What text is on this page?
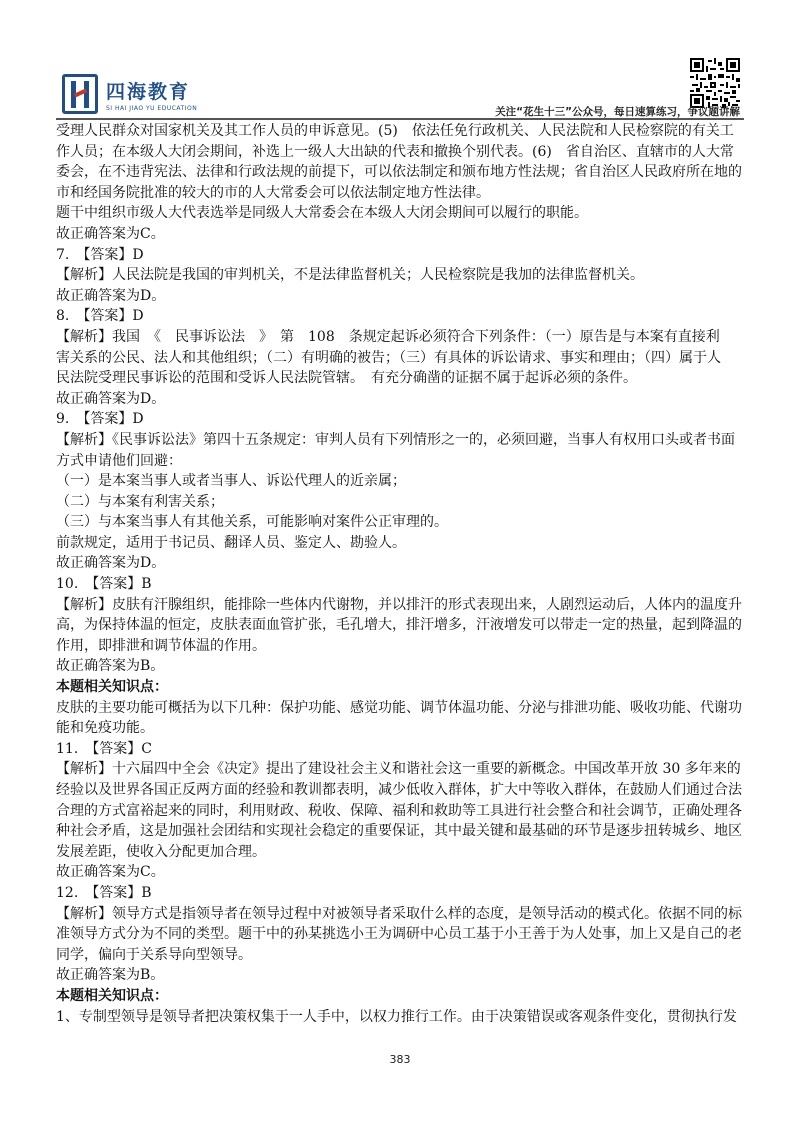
四海教育
SI HAI JIAO YU EDUCATION	关注“花生十三”公众号，每日速算练习，争议题讲解

受理人民群众对国家机关及其工作人员的申诉意见。(5)　依法任免行政机关、人民法院和人民检察院的有关工

作人员；在本级人大闭会期间，补选上一级人大出缺的代表和撤换个别代表。(6)　省自治区、直辖市的人大常

委会，在不违背宪法、法律和行政法规的前提下，可以依法制定和颁布地方性法规；省自治区人民政府所在地的

市和经国务院批准的较大的市的人大常委会可以依法制定地方性法律。

题干中组织市级人大代表选举是同级人大常委会在本级人大闭会期间可以履行的职能。

故正确答案为C。

7.　【答案】D

【解析】人民法院是我国的审判机关，不是法律监督机关；人民检察院是我加的法律监督机关。

故正确答案为D。

8.　【答案】D

【解析】我国　《　民事诉讼法　》　第　108　条规定起诉必须符合下列条件：（一）原告是与本案有直接利

害关系的公民、法人和其他组织；（二）有明确的被告；（三）有具体的诉讼请求、事实和理由；（四）属于人

民法院受理民事诉讼的范围和受诉人民法院管辖。　有充分确凿的证据不属于起诉必须的条件。

故正确答案为D。

9.　【答案】D

【解析】《民事诉讼法》第四十五条规定：审判人员有下列情形之一的，必须回避，当事人有权用口头或者书面

方式申请他们回避：

（一）是本案当事人或者当事人、诉讼代理人的近亲属；

（二）与本案有利害关系；

（三）与本案当事人有其他关系，可能影响对案件公正审理的。

前款规定，适用于书记员、翻译人员、鉴定人、勘验人。

故正确答案为D。

10.　【答案】B

【解析】皮肤有汗腺组织，能排除一些体内代谢物，并以排汗的形式表现出来，人剧烈运动后，人体内的温度升

高，为保持体温的恒定，皮肤表面血管扩张，毛孔增大，排汗增多，汗液增发可以带走一定的热量，起到降温的

作用，即排泄和调节体温的作用。

故正确答案为B。

本题相关知识点：

皮肤的主要功能可概括为以下几种：保护功能、感觉功能、调节体温功能、分泌与排泄功能、吸收功能、代谢功

能和免疫功能。

11.　【答案】C

【解析】十六届四中全会《决定》提出了建设社会主义和谐社会这一重要的新概念。中国改革开放 30 多年来的

经验以及世界各国正反两方面的经验和教训都表明，减少低收入群体，扩大中等收入群体，在鼓励人们通过合法

合理的方式富裕起来的同时，利用财政、税收、保障、福利和救助等工具进行社会整合和社会调节，正确处理各

种社会矛盾，这是加强社会团结和实现社会稳定的重要保证，其中最关键和最基础的环节是逐步扭转城乡、地区

发展差距，使收入分配更加合理。

故正确答案为C。

12.　【答案】B

【解析】领导方式是指领导者在领导过程中对被领导者采取什么样的态度，是领导活动的模式化。依据不同的标

准领导方式分为不同的类型。题干中的孙某挑选小王为调研中心员工基于小王善于为人处事，加上又是自己的老

同学，偏向于关系导向型领导。

故正确答案为B。

本题相关知识点：

1、专制型领导是领导者把决策权集于一人手中，以权力推行工作。由于决策错误或客观条件变化，贯彻执行发

383
